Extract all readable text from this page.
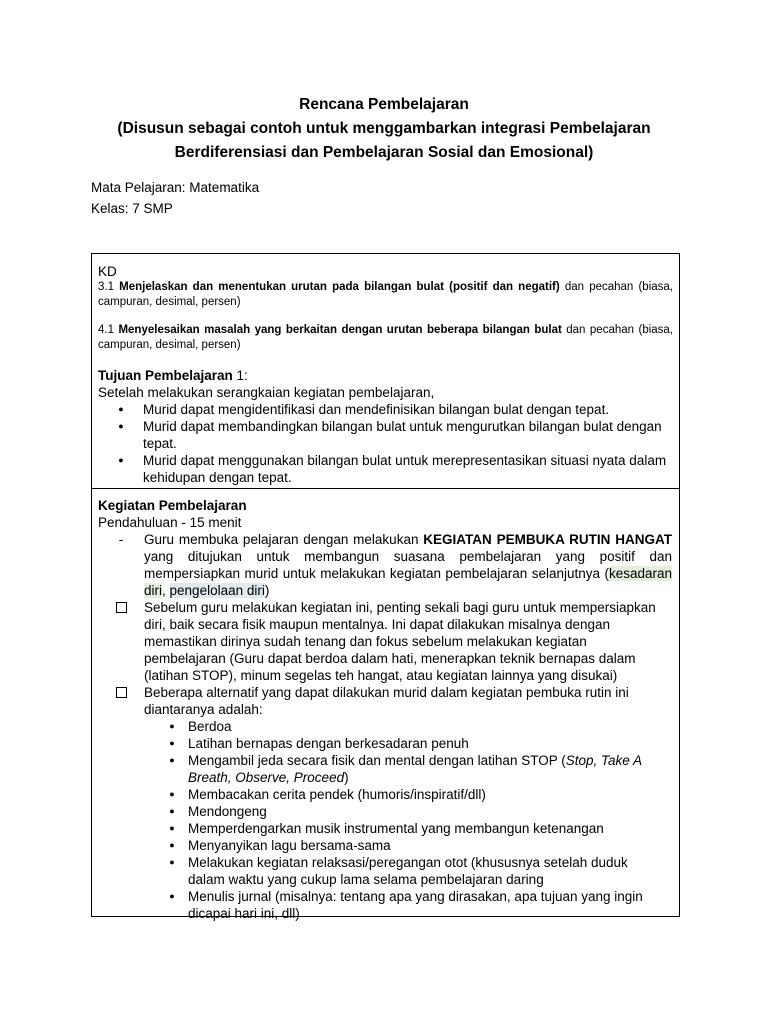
Rencana Pembelajaran
(Disusun sebagai contoh untuk menggambarkan integrasi Pembelajaran
Berdiferensiasi dan Pembelajaran Sosial dan Emosional)
Mata Pelajaran: Matematika
Kelas: 7 SMP
KD
3.1 Menjelaskan dan menentukan urutan pada bilangan bulat (positif dan negatif) dan pecahan (biasa, campuran, desimal, persen)
4.1 Menyelesaikan masalah yang berkaitan dengan urutan beberapa bilangan bulat dan pecahan (biasa, campuran, desimal, persen)
Tujuan Pembelajaran 1:
Setelah melakukan serangkaian kegiatan pembelajaran,
●
Murid dapat mengidentifikasi dan mendefinisikan bilangan bulat dengan tepat.
●
Murid dapat membandingkan bilangan bulat untuk mengurutkan bilangan bulat dengan tepat.
●
Murid dapat menggunakan bilangan bulat untuk merepresentasikan situasi nyata dalam kehidupan dengan tepat.
Kegiatan Pembelajaran
Pendahuluan - 15 menit
-
Guru membuka pelajaran dengan melakukan KEGIATAN PEMBUKA RUTIN HANGAT yang ditujukan untuk membangun suasana pembelajaran yang positif dan mempersiapkan murid untuk melakukan kegiatan pembelajaran selanjutnya (kesadaran diri, pengelolaan diri)
Sebelum guru melakukan kegiatan ini, penting sekali bagi guru untuk mempersiapkan diri, baik secara fisik maupun mentalnya. Ini dapat dilakukan misalnya dengan memastikan dirinya sudah tenang dan fokus sebelum melakukan kegiatan pembelajaran (Guru dapat berdoa dalam hati, menerapkan teknik bernapas dalam (latihan STOP), minum segelas teh hangat, atau kegiatan lainnya yang disukai)
Beberapa alternatif yang dapat dilakukan murid dalam kegiatan pembuka rutin ini diantaranya adalah:
●
Berdoa
●
Latihan bernapas dengan berkesadaran penuh
●
Mengambil jeda secara fisik dan mental dengan latihan STOP (Stop, Take A Breath, Observe, Proceed)
●
Membacakan cerita pendek (humoris/inspiratif/dll)
●
Mendongeng
●
Memperdengarkan musik instrumental yang membangun ketenangan
●
Menyanyikan lagu bersama-sama
●
Melakukan kegiatan relaksasi/peregangan otot (khususnya setelah duduk dalam waktu yang cukup lama selama pembelajaran daring
●
Menulis jurnal (misalnya: tentang apa yang dirasakan, apa tujuan yang ingin dicapai hari ini, dll)
